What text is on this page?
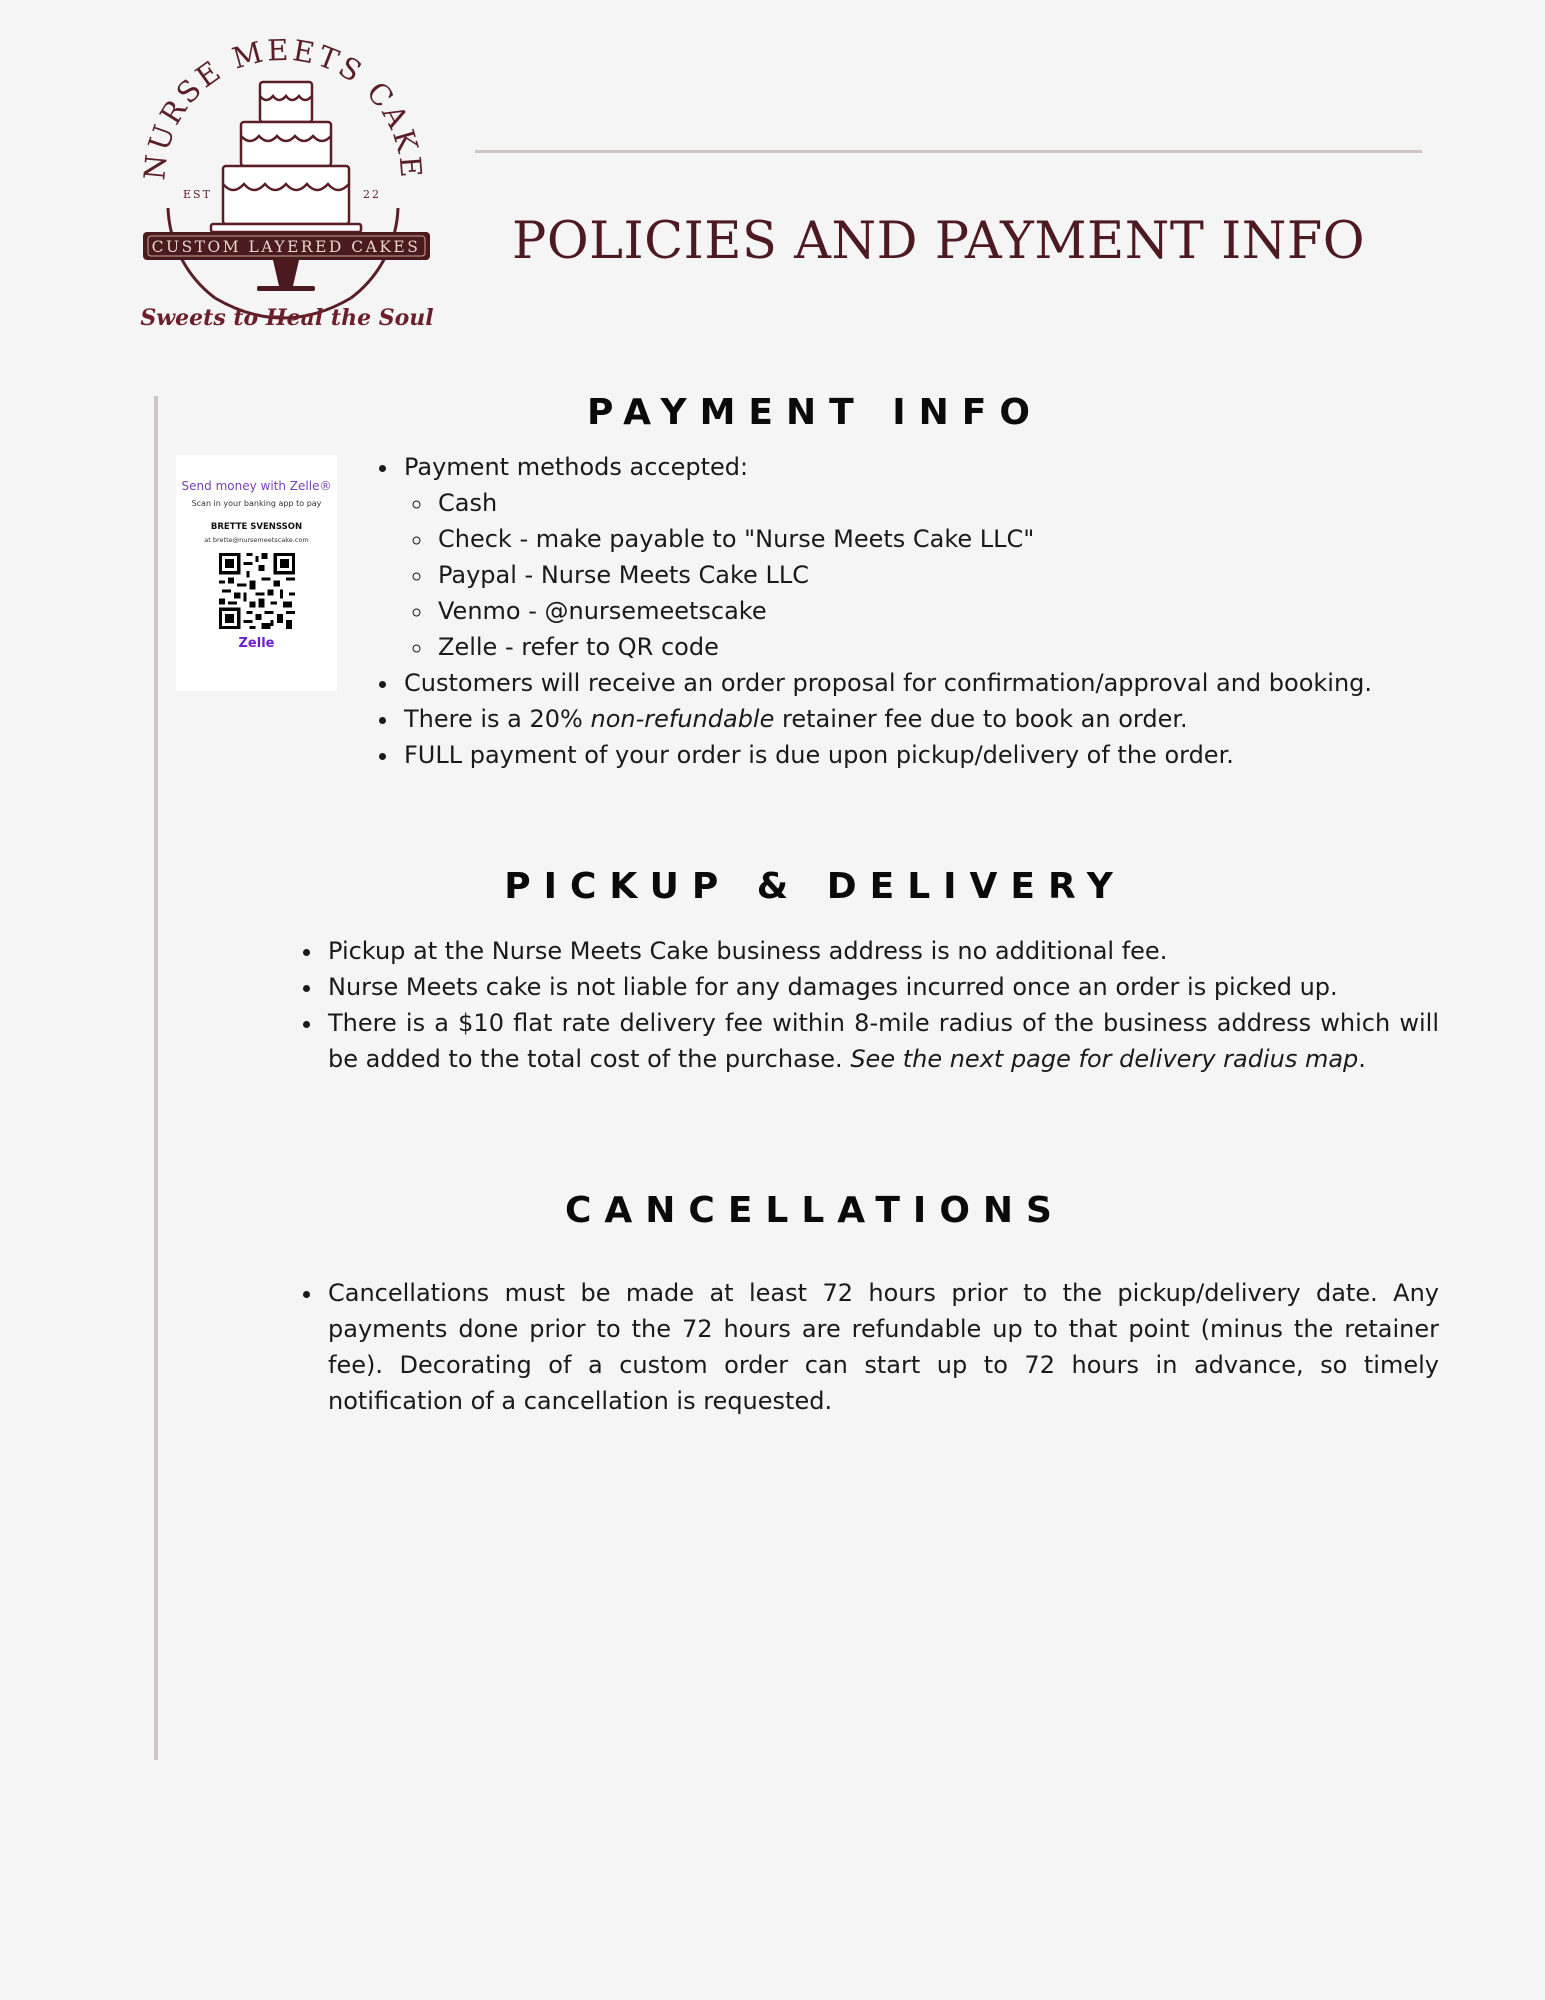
NURSE MEETS CAKE
EST	22
CUSTOM LAYERED CAKES
Sweets to Heal the Soul
POLICIES AND PAYMENT INFO
PAYMENT INFO
Send money with Zelle®
Scan in your banking app to pay
BRETTE SVENSSON
at brette@nursemeetscake.com
Zelle
• Payment methods accepted:
◦ Cash
◦ Check - make payable to "Nurse Meets Cake LLC"
◦ Paypal - Nurse Meets Cake LLC
◦ Venmo - @nursemeetscake
◦ Zelle - refer to QR code
• Customers will receive an order proposal for confirmation/approval and booking.
• There is a 20% non-refundable retainer fee due to book an order.
• FULL payment of your order is due upon pickup/delivery of the order.
PICKUP & DELIVERY
• Pickup at the Nurse Meets Cake business address is no additional fee.
• Nurse Meets cake is not liable for any damages incurred once an order is picked up.
• There is a $10 flat rate delivery fee within 8-mile radius of the business address which will be added to the total cost of the purchase. See the next page for delivery radius map.
CANCELLATIONS
• Cancellations must be made at least 72 hours prior to the pickup/delivery date. Any payments done prior to the 72 hours are refundable up to that point (minus the retainer fee). Decorating of a custom order can start up to 72 hours in advance, so timely notification of a cancellation is requested.
